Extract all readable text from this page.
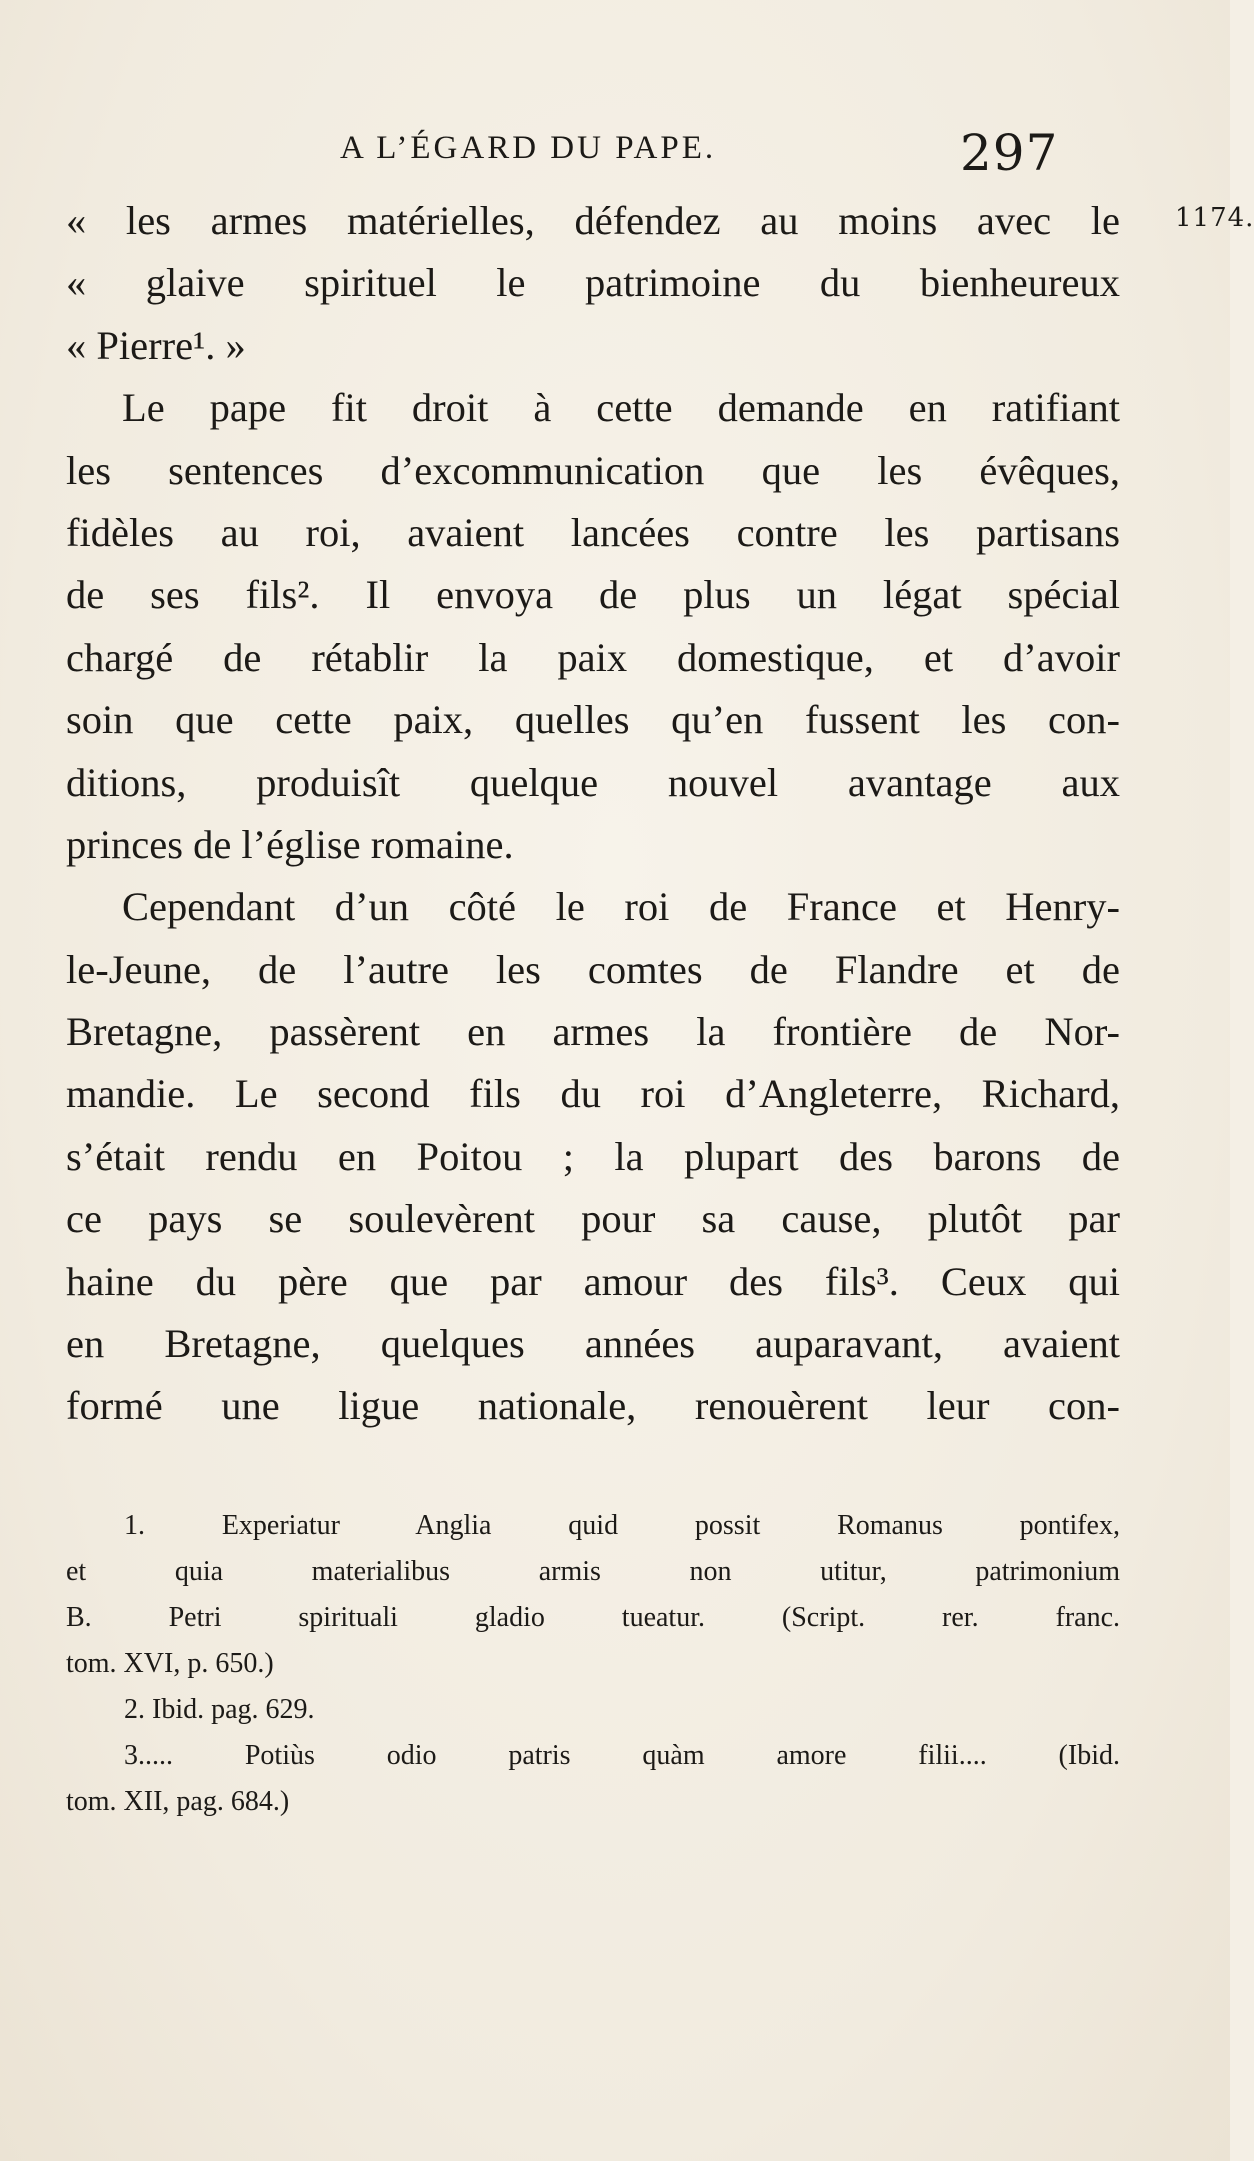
A L’ÉGARD DU PAPE.	297
1174.
« les armes matérielles, défendez au moins avec le
« glaive spirituel le patrimoine du bienheureux
« Pierre¹. »
Le pape fit droit à cette demande en ratifiant
les sentences d’excommunication que les évêques,
fidèles au roi, avaient lancées contre les partisans
de ses fils². Il envoya de plus un légat spécial
chargé de rétablir la paix domestique, et d’avoir
soin que cette paix, quelles qu’en fussent les con-
ditions, produisît quelque nouvel avantage aux
princes de l’église romaine.
Cependant d’un côté le roi de France et Henry-
le-Jeune, de l’autre les comtes de Flandre et de
Bretagne, passèrent en armes la frontière de Nor-
mandie. Le second fils du roi d’Angleterre, Richard,
s’était rendu en Poitou ; la plupart des barons de
ce pays se soulevèrent pour sa cause, plutôt par
haine du père que par amour des fils³. Ceux qui
en Bretagne, quelques années auparavant, avaient
formé une ligue nationale, renouèrent leur con-
1. Experiatur Anglia quid possit Romanus pontifex,
et quia materialibus armis non utitur, patrimonium
B. Petri spirituali gladio tueatur. (Script. rer. franc.
tom. XVI, p. 650.)
2. Ibid. pag. 629.
3..... Potiùs odio patris quàm amore filii.... (Ibid.
tom. XII, pag. 684.)
